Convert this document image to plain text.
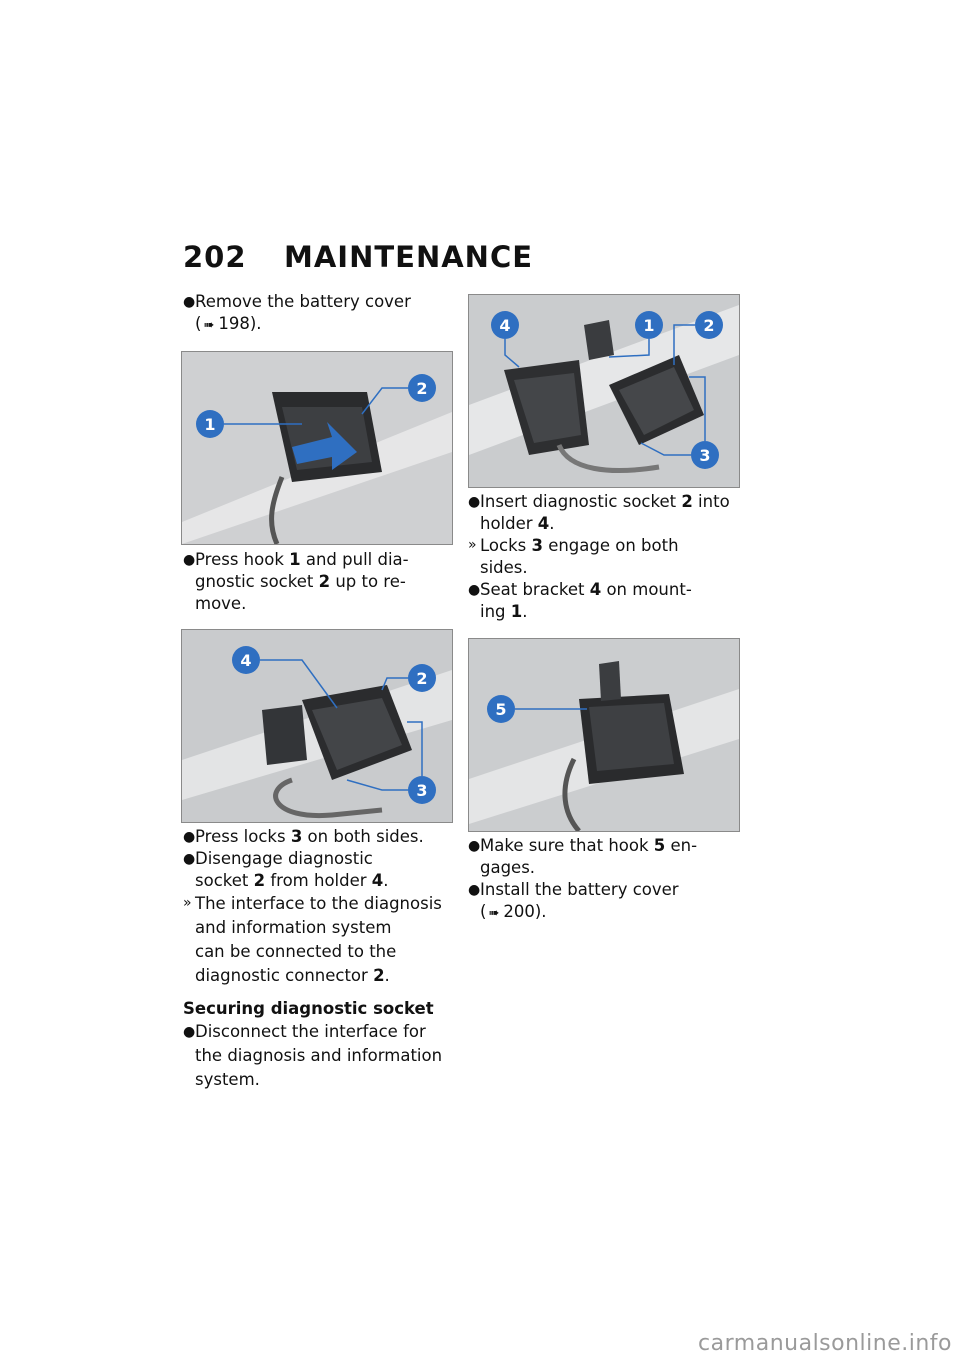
202 MAINTENANCE

● Remove the battery cover
( ➠ 198).

1
2

● Press hook 1 and pull dia-
gnostic socket 2 up to re-
move.

4
2
3

● Press locks 3 on both sides.

● Disengage diagnostic
socket 2 from holder 4.

» The interface to the diagnosis
and information system
can be connected to the
diagnostic connector 2.

Securing diagnostic socket

● Disconnect the interface for
the diagnosis and information
system.

4	1	2
3

● Insert diagnostic socket 2 into
holder 4.

» Locks 3 engage on both
sides.

● Seat bracket 4 on mount-
ing 1.

5

● Make sure that hook 5 en-
gages.

● Install the battery cover
( ➠ 200).

carmanualsonline.info
